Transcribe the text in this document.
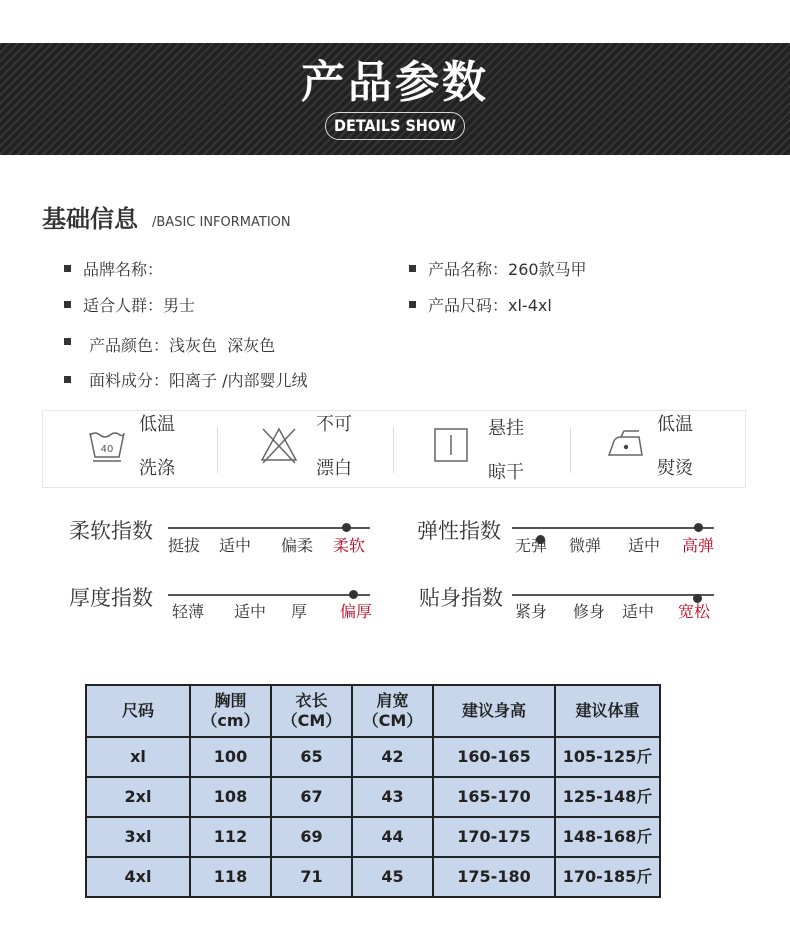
产品参数
DETAILS SHOW
基础信息 /BASIC INFORMATION
品牌名称：	产品名称：260款马甲
适合人群：男士	产品尺码：xl-4xl
产品颜色：浅灰色  深灰色
面料成分：阳离子 /内部婴儿绒
40
低温
洗涤
不可
漂白
悬挂
晾干
低温
熨烫
柔软指数
挺拔 适中 偏柔 柔软
弹性指数
无弹 微弹 适中 高弹
厚度指数
轻薄 适中 厚 偏厚
贴身指数
紧身 修身 适中 宽松
尺码	胸围（cm）	衣长（CM）	肩宽（CM）	建议身高	建议体重
xl	100	65	42	160-165	105-125斤
2xl	108	67	43	165-170	125-148斤
3xl	112	69	44	170-175	148-168斤
4xl	118	71	45	175-180	170-185斤
